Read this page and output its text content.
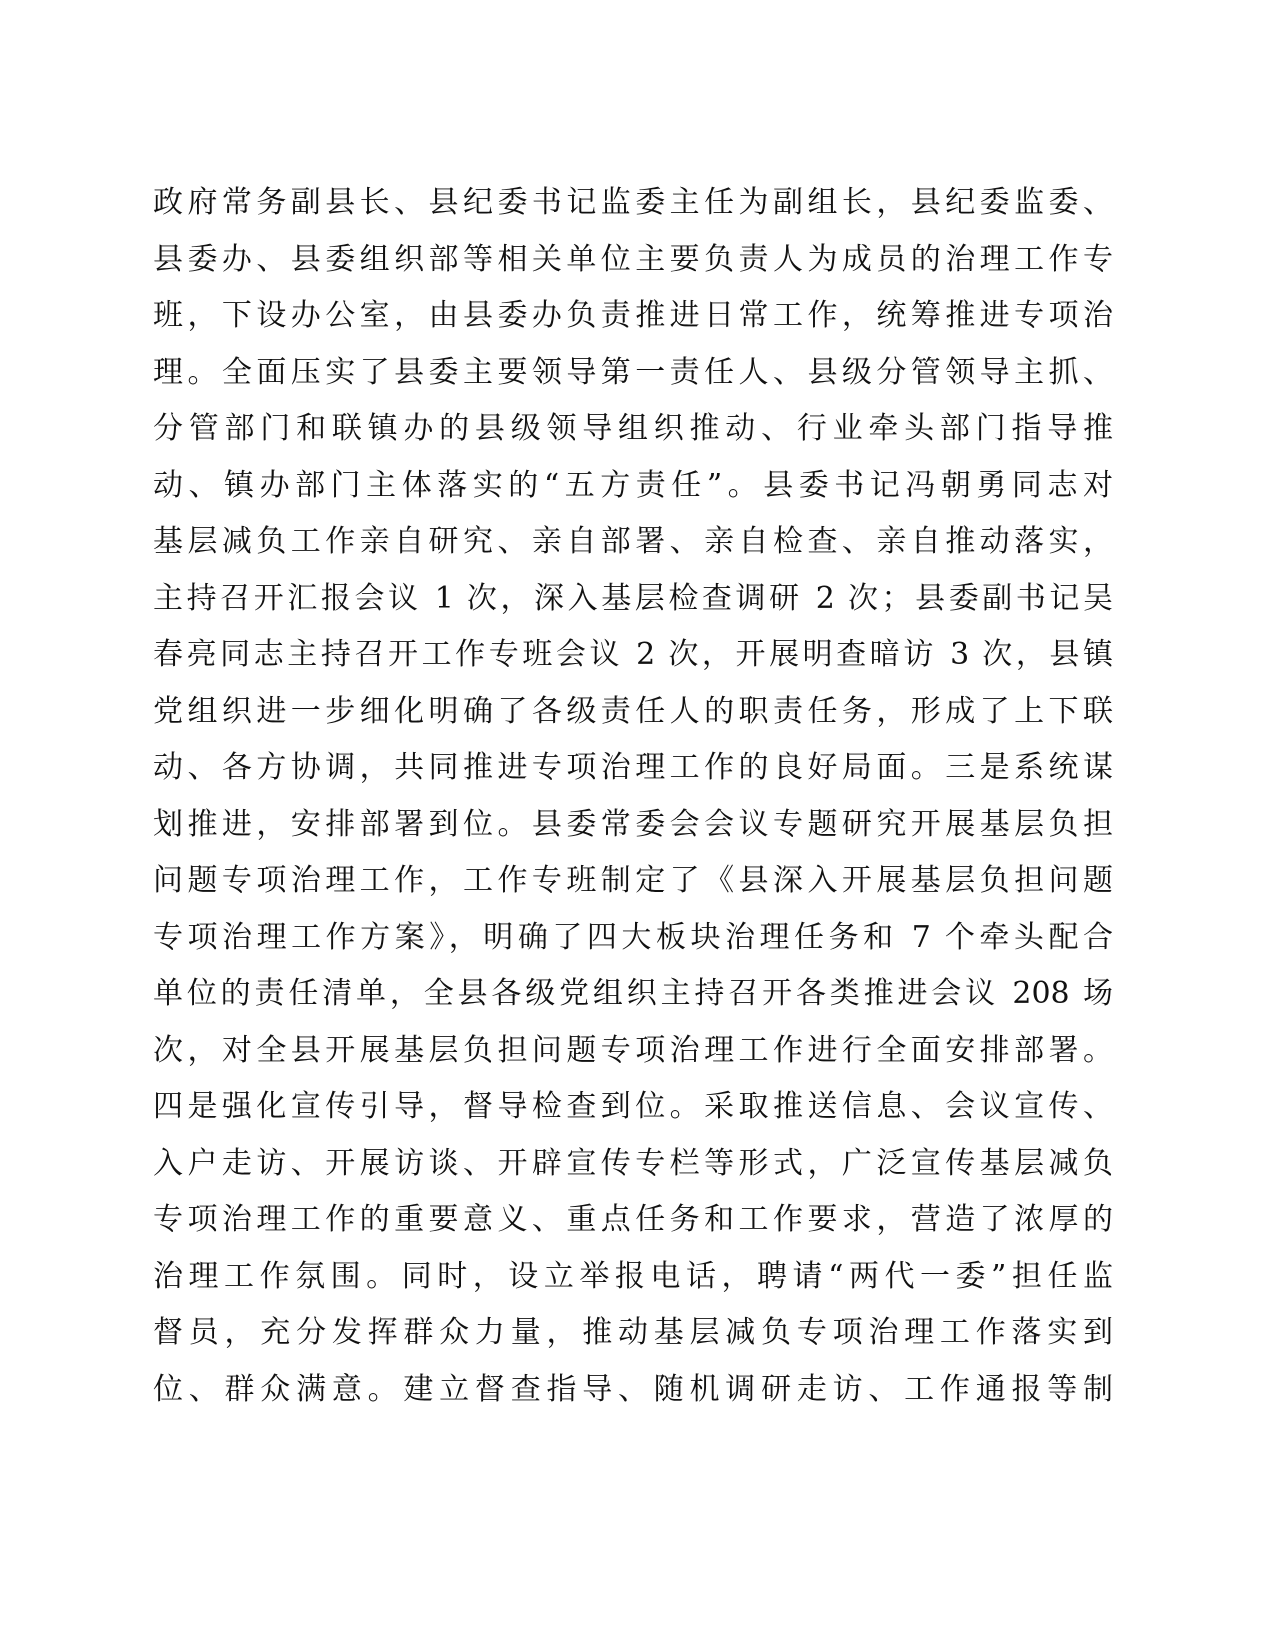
政府常务副县长、县纪委书记监委主任为副组长，县纪委监委、
县委办、县委组织部等相关单位主要负责人为成员的治理工作专
班，下设办公室，由县委办负责推进日常工作，统筹推进专项治
理。全面压实了县委主要领导第一责任人、县级分管领导主抓、
分管部门和联镇办的县级领导组织推动、行业牵头部门指导推
动、镇办部门主体落实的“五方责任”。县委书记冯朝勇同志对
基层减负工作亲自研究、亲自部署、亲自检查、亲自推动落实，
主持召开汇报会议 1 次，深入基层检查调研 2 次；县委副书记吴
春亮同志主持召开工作专班会议 2 次，开展明查暗访 3 次，县镇
党组织进一步细化明确了各级责任人的职责任务，形成了上下联
动、各方协调，共同推进专项治理工作的良好局面。三是系统谋
划推进，安排部署到位。县委常委会会议专题研究开展基层负担
问题专项治理工作，工作专班制定了《县深入开展基层负担问题
专项治理工作方案》，明确了四大板块治理任务和 7 个牵头配合
单位的责任清单，全县各级党组织主持召开各类推进会议 208 场
次，对全县开展基层负担问题专项治理工作进行全面安排部署。
四是强化宣传引导，督导检查到位。采取推送信息、会议宣传、
入户走访、开展访谈、开辟宣传专栏等形式，广泛宣传基层减负
专项治理工作的重要意义、重点任务和工作要求，营造了浓厚的
治理工作氛围。同时，设立举报电话，聘请“两代一委”担任监
督员，充分发挥群众力量，推动基层减负专项治理工作落实到
位、群众满意。建立督查指导、随机调研走访、工作通报等制
